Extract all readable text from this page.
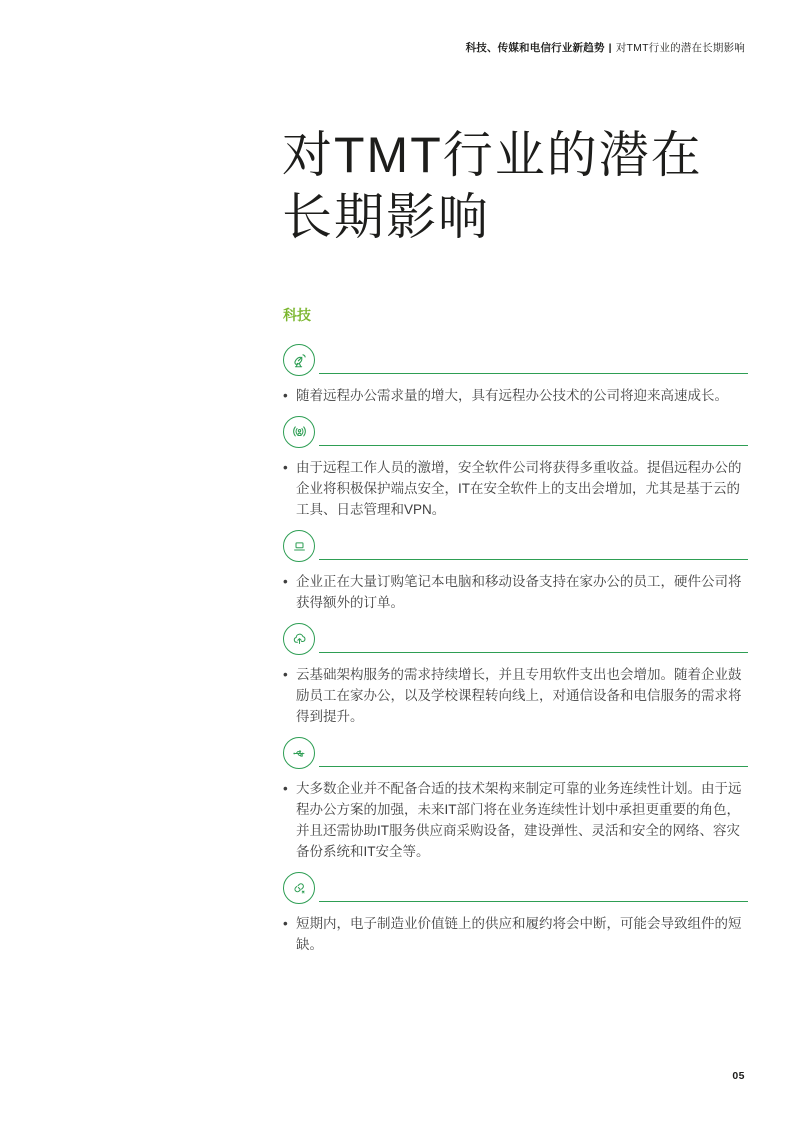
科技、传媒和电信行业新趋势 | 对TMT行业的潜在长期影响
对TMT行业的潜在
长期影响
科技

• 随着远程办公需求量的增大，具有远程办公技术的公司将迎来高速成长。

• 由于远程工作人员的激增，安全软件公司将获得多重收益。提倡远程办公的企业将积极保护端点安全，IT在安全软件上的支出会增加，尤其是基于云的工具、日志管理和VPN。

• 企业正在大量订购笔记本电脑和移动设备支持在家办公的员工，硬件公司将获得额外的订单。

• 云基础架构服务的需求持续增长，并且专用软件支出也会增加。随着企业鼓励员工在家办公，以及学校课程转向线上，对通信设备和电信服务的需求将得到提升。

• 大多数企业并不配备合适的技术架构来制定可靠的业务连续性计划。由于远程办公方案的加强，未来IT部门将在业务连续性计划中承担更重要的角色，并且还需协助IT服务供应商采购设备，建设弹性、灵活和安全的网络、容灾备份系统和IT安全等。

• 短期内，电子制造业价值链上的供应和履约将会中断，可能会导致组件的短缺。

05
